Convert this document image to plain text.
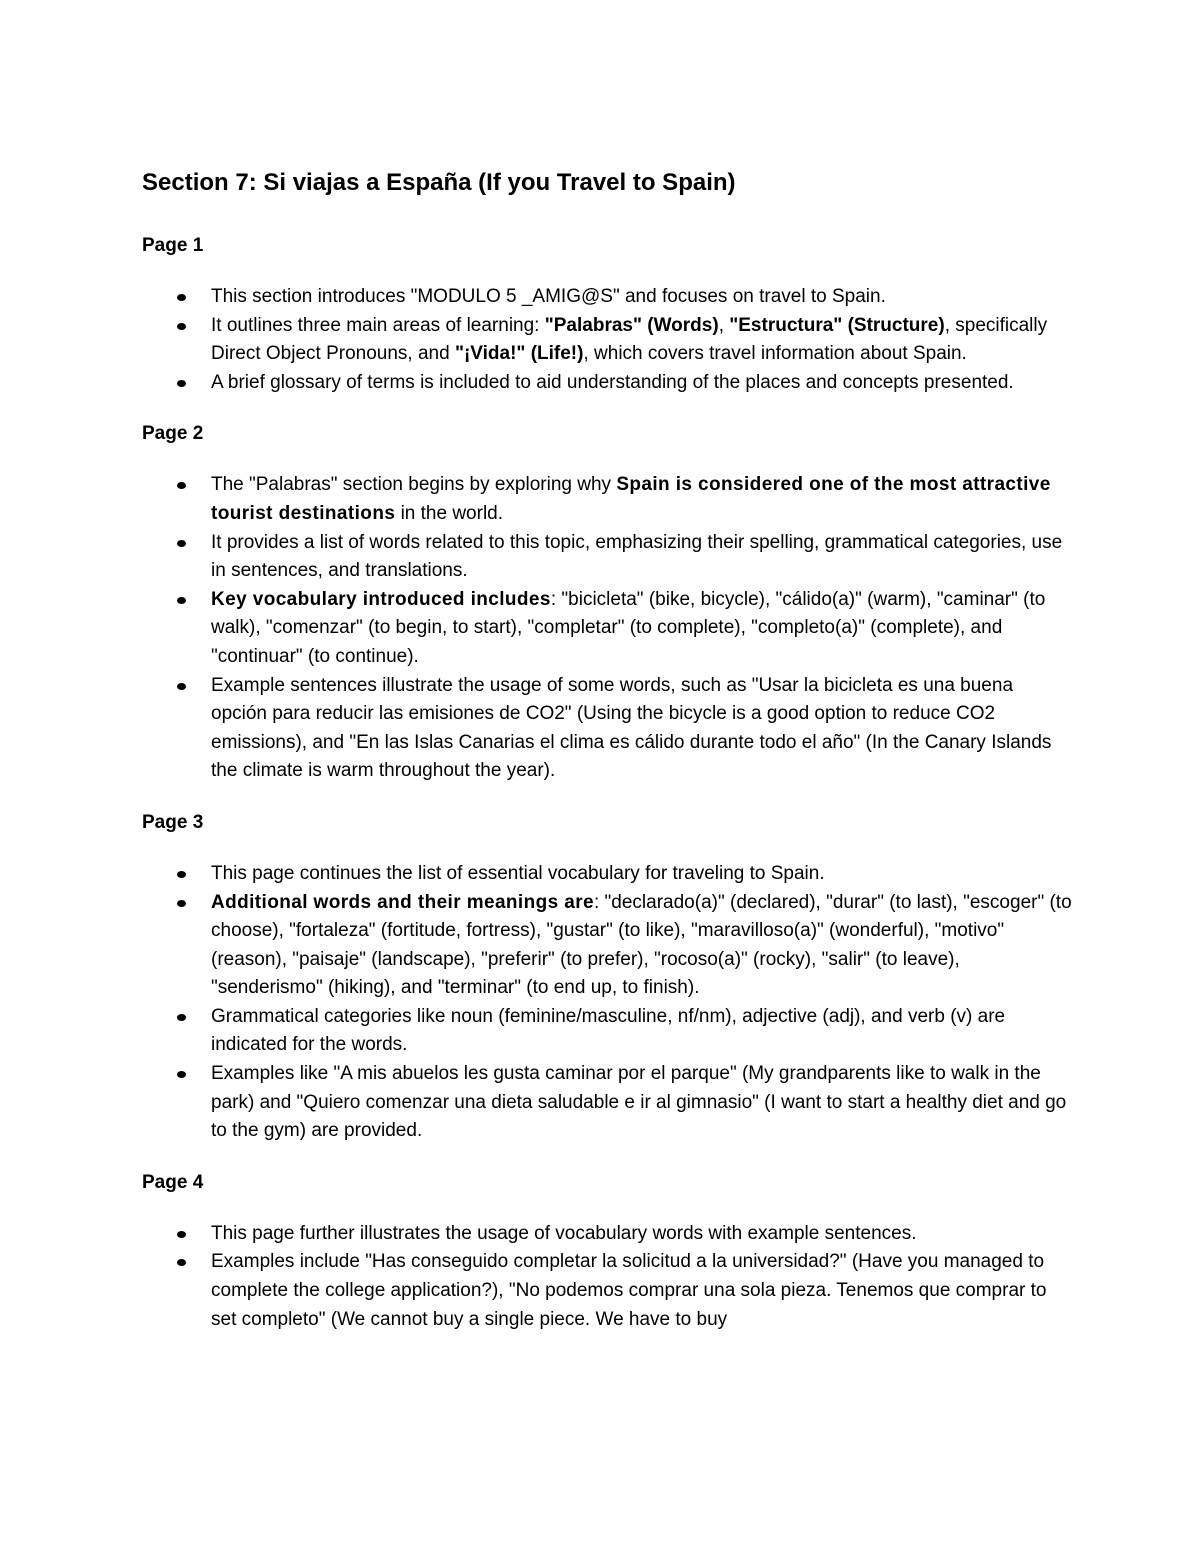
Section 7: Si viajas a España (If you Travel to Spain)
Page 1
This section introduces "MODULO 5 _AMIG@S" and focuses on travel to Spain.
It outlines three main areas of learning: "Palabras" (Words), "Estructura" (Structure), specifically Direct Object Pronouns, and "¡Vida!" (Life!), which covers travel information about Spain.
A brief glossary of terms is included to aid understanding of the places and concepts presented.
Page 2
The "Palabras" section begins by exploring why Spain is considered one of the most attractive tourist destinations in the world.
It provides a list of words related to this topic, emphasizing their spelling, grammatical categories, use in sentences, and translations.
Key vocabulary introduced includes: "bicicleta" (bike, bicycle), "cálido(a)" (warm), "caminar" (to walk), "comenzar" (to begin, to start), "completar" (to complete), "completo(a)" (complete), and "continuar" (to continue).
Example sentences illustrate the usage of some words, such as "Usar la bicicleta es una buena opción para reducir las emisiones de CO2" (Using the bicycle is a good option to reduce CO2 emissions), and "En las Islas Canarias el clima es cálido durante todo el año" (In the Canary Islands the climate is warm throughout the year).
Page 3
This page continues the list of essential vocabulary for traveling to Spain.
Additional words and their meanings are: "declarado(a)" (declared), "durar" (to last), "escoger" (to choose), "fortaleza" (fortitude, fortress), "gustar" (to like), "maravilloso(a)" (wonderful), "motivo" (reason), "paisaje" (landscape), "preferir" (to prefer), "rocoso(a)" (rocky), "salir" (to leave), "senderismo" (hiking), and "terminar" (to end up, to finish).
Grammatical categories like noun (feminine/masculine, nf/nm), adjective (adj), and verb (v) are indicated for the words.
Examples like "A mis abuelos les gusta caminar por el parque" (My grandparents like to walk in the park) and "Quiero comenzar una dieta saludable e ir al gimnasio" (I want to start a healthy diet and go to the gym) are provided.
Page 4
This page further illustrates the usage of vocabulary words with example sentences.
Examples include "Has conseguido completar la solicitud a la universidad?" (Have you managed to complete the college application?), "No podemos comprar una sola pieza. Tenemos que comprar to set completo" (We cannot buy a single piece. We have to buy
